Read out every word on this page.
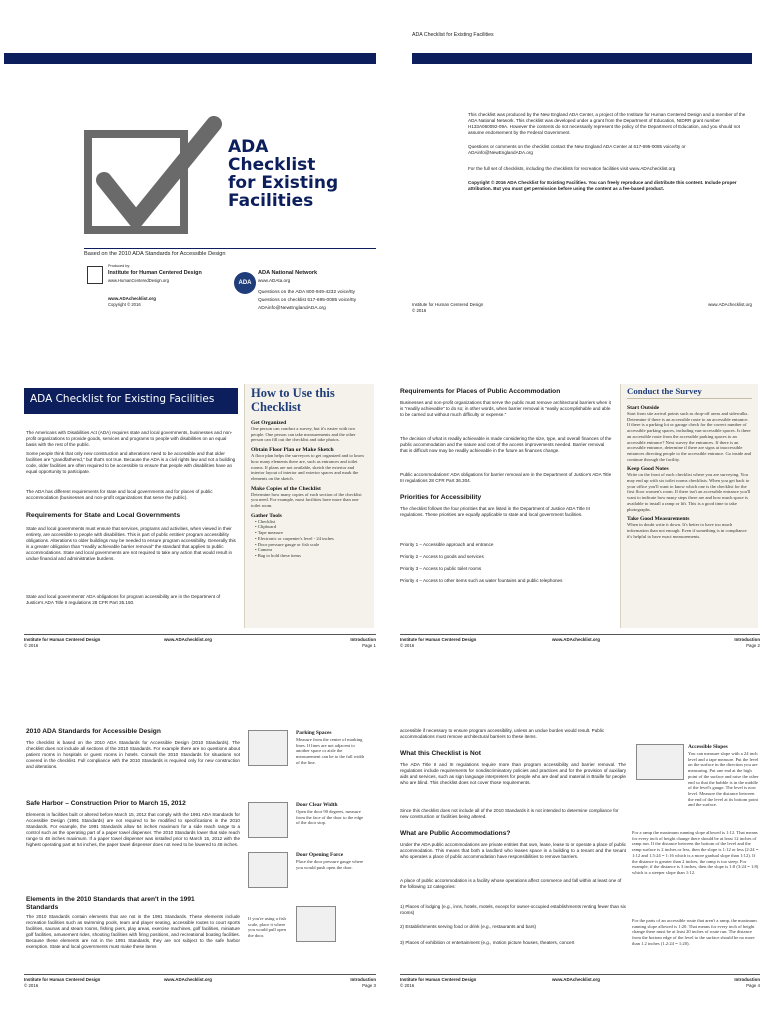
ADA
Checklist
for Existing
Facilities
Based on the 2010 ADA Standards for Accessible Design
Produced by:
Institute for Human Centered Design
www.HumanCenteredDesign.org
www.ADAchecklist.org
Copyright © 2016
ADA
ADA National Network
www.ADAta.org
Questions on the ADA 800-949-4232 voice/tty
Questions on checklist 617-695-0085 voice/tty
ADAinfo@NewEnglandADA.org
ADA Checklist for Existing Facilities
This checklist was produced by the New England ADA Center, a project of the Institute for Human Centered Design and a member of the ADA National Network. This checklist was developed under a grant from the Department of Education, NIDRR grant number H133A060092-09A. However the contents do not necessarily represent the policy of the Department of Education, and you should not assume endorsement by the Federal Government.
Questions or comments on the checklist contact the New England ADA Center at 617-695-0085 voice/tty or ADAinfo@NewEnglandADA.org
For the full set of checklists, including the checklists for recreation facilities visit www.ADAchecklist.org
Copyright © 2016 ADA Checklist for Existing Facilities. You can freely reproduce and distribute this content. Include proper attribution. But you must get permission before using the content as a fee-based product.
Institute for Human Centered Design
© 2016
www.ADAchecklist.org
ADA Checklist for Existing Facilities
The Americans with Disabilities Act (ADA) requires state and local governments, businesses and non-profit organizations to provide goods, services and programs to people with disabilities on an equal basis with the rest of the public.
Some people think that only new construction and alterations need to be accessible and that older facilities are "grandfathered," but that's not true. Because the ADA is a civil rights law and not a building code, older facilities are often required to be accessible to ensure that people with disabilities have an equal opportunity to participate.
The ADA has different requirements for state and local governments and for places of public accommodation (businesses and non-profit organizations that serve the public).
Requirements for State and Local Governments
State and local governments must ensure that services, programs and activities, when viewed in their entirety, are accessible to people with disabilities. This is part of public entities' program accessibility obligations. Alterations to older buildings may be needed to ensure program accessibility. Generally this is a greater obligation than "readily achievable barrier removal" the standard that applies to public accommodations. State and local governments are not required to take any action that would result in undue financial and administrative burdens.
State and local governments' ADA obligations for program accessibility are in the Department of Justice's ADA Title II regulations 28 CFR Part 35.150.
How to Use this Checklist
Get Organized
One person can conduct a survey, but it's easier with two people. One person can take measurements and the other person can fill out the checklist and take photos.
Obtain Floor Plan or Make Sketch
A floor plan helps the surveyors to get organized and to know how many elements there are, such as entrances and toilet rooms. If plans are not available, sketch the exterior and interior layout of interior and exterior spaces and mark the elements on the sketch.
Make Copies of the Checklist
Determine how many copies of each section of the checklist you need. For example, most facilities have more than one toilet room.
Gather Tools
• Checklist
• Clipboard
• Tape measure
• Electronic or carpenter's level - 24 inches
• Door pressure gauge or fish scale
• Camera
• Bag to hold these items
Institute for Human Centered Design
© 2016
www.ADAchecklist.org	Introduction
Page 1
Requirements for Places of Public Accommodation
Businesses and non-profit organizations that serve the public must remove architectural barriers when it is "readily achievable" to do so; in other words, when barrier removal is "easily accomplishable and able to be carried out without much difficulty or expense."
The decision of what is readily achievable is made considering the size, type, and overall finances of the public accommodation and the nature and cost of the access improvements needed. Barrier removal that is difficult now may be readily achievable in the future as finances change.
Public accommodations' ADA obligations for barrier removal are in the Department of Justice's ADA Title III regulations 28 CFR Part 36.304.
Priorities for Accessibility
The checklist follows the four priorities that are listed in the Department of Justice ADA Title III regulations. These priorities are equally applicable to state and local government facilities.
Priority 1 – Accessible approach and entrance
Priority 2 – Access to goods and services
Priority 3 – Access to public toilet rooms
Priority 4 – Access to other items such as water fountains and public telephones
Conduct the Survey
Start Outside
Start from site arrival points such as drop-off areas and sidewalks. Determine if there is an accessible route to an accessible entrance. If there is a parking lot or garage check for the correct number of accessible parking spaces, including van-accessible spaces. Is there an accessible route from the accessible parking spaces to an accessible entrance? Next survey the entrances. If there is an accessible entrance, determine if there are signs at inaccessible entrances directing people to the accessible entrance. Go inside and continue through the facility.
Keep Good Notes
Write on the front of each checklist where you are surveying. You may end up with six toilet rooms checklists. When you get back to your office you'll want to know which one is the checklist for the first floor women's room. If there isn't an accessible entrance you'll want to indicate how many steps there are and how much space is available to install a ramp or lift. This is a good time to take photographs.
Take Good Measurements
When in doubt write it down. It's better to have too much information than not enough. Even if something is in compliance it's helpful to have exact measurements.
Institute for Human Centered Design
© 2016
www.ADAchecklist.org	Introduction
Page 2
2010 ADA Standards for Accessible Design
The checklist is based on the 2010 ADA Standards for Accessible Design (2010 Standards). The checklist does not include all sections of the 2010 Standards. For example there are no questions about patient rooms in hospitals or guest rooms in hotels. Consult the 2010 Standards for situations not covered in the checklist. Full compliance with the 2010 Standards is required only for new construction and alterations.
Safe Harbor – Construction Prior to March 15, 2012
Elements in facilities built or altered before March 15, 2012 that comply with the 1991 ADA Standards for Accessible Design (1991 Standards) are not required to be modified to specifications in the 2010 Standards. For example, the 1991 Standards allow 54 inches maximum for a side reach range to a control such as the operating part of a paper towel dispenser. The 2010 Standards lower that side reach range to 48 inches maximum. If a paper towel dispenser was installed prior to March 15, 2012 with the highest operating part at 54 inches, the paper towel dispenser does not need to be lowered to 48 inches.
Elements in the 2010 Standards that aren't in the 1991 Standards
The 2010 Standards contain elements that are not in the 1991 Standards. These elements include recreation facilities such as swimming pools, team and player seating, accessible routes to court sports facilities, saunas and steam rooms, fishing piers, play areas, exercise machines, golf facilities, miniature golf facilities, amusement rides, shooting facilities with firing positions, and recreational boating facilities. Because these elements are not in the 1991 Standards, they are not subject to the safe harbor exemption. State and local governments must make these items
Parking Spaces
Measure from the center of marking lines. If lines are not adjacent to another space or aisle the measurement can be to the full width of the line.
Door Clear Width
Open the door 90 degrees, measure from the face of the door to the edge of the door stop.
Door Opening Force
Place the door pressure gauge where you would push open the door.
If you're using a fish scale, place it where you would pull open the door.
Institute for Human Centered Design
© 2016
www.ADAchecklist.org	Introduction
Page 3
accessible if necessary to ensure program accessibility, unless an undue burden would result. Public accommodations must remove architectural barriers to these items.
What this Checklist is Not
The ADA Title II and III regulations require more than program accessibility and barrier removal. The regulations include requirements for nondiscriminatory policies and practices and for the provision of auxiliary aids and services, such as sign language interpreters for people who are deaf and material in Braille for people who are blind. This checklist does not cover those requirements.
Since this checklist does not include all of the 2010 Standards it is not intended to determine compliance for new construction or facilities being altered.
What are Public Accommodations?
Under the ADA public accommodations are private entities that own, lease, lease to or operate a place of public accommodation. This means that both a landlord who leases space in a building to a tenant and the tenant who operates a place of public accommodation have responsibilities to remove barriers.
A place of public accommodation is a facility whose operations affect commerce and fall within at least one of the following 12 categories:
1) Places of lodging (e.g., inns, hotels, motels, except for owner-occupied establishments renting fewer than six rooms)
2) Establishments serving food or drink (e.g., restaurants and bars)
3) Places of exhibition or entertainment (e.g., motion picture houses, theaters, concert
Accessible Slopes
You can measure slope with a 24 inch level and a tape measure. Put the level on the surface in the direction you are measuring. Put one end at the high point of the surface and raise the other end so that the bubble is in the middle of the level's gauge. The level is now level. Measure the distance between the end of the level at its bottom point and the surface.
For a ramp the maximum running slope allowed is 1:12. That means for every inch of height change there should be at least 12 inches of ramp run. If the distance between the bottom of the level and the ramp surface is 2 inches or less, then the slope is 1:12 or less (2:24 = 1:12 and 1.5:24 = 1:16 which is a more gradual slope than 1:12). If the distance is greater than 2 inches, the ramp is too steep. For example, if the distance is 3 inches, then the slope is 1:8 (3:24 = 1:8) which is a steeper slope than 1:12.
For the parts of an accessible route that aren't a ramp, the maximum running slope allowed is 1:20. That means for every inch of height change there must be at least 20 inches of route run. The distance from the bottom edge of the level to the surface should be no more than 1.2 inches (1.2:24 = 1:20).
Institute for Human Centered Design
© 2016
www.ADAchecklist.org	Introduction
Page 4
